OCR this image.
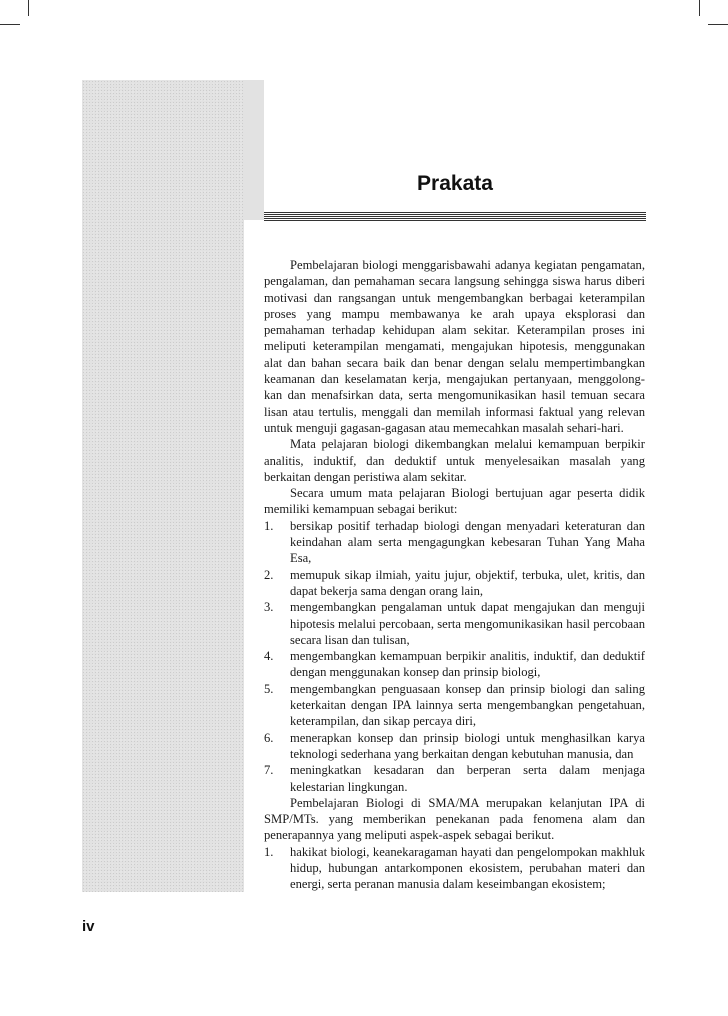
Prakata

Pembelajaran biologi menggarisbawahi adanya kegiatan pengamatan, pengalaman, dan pemahaman secara langsung sehingga siswa harus diberi motivasi dan rangsangan untuk mengembangkan berbagai keterampilan proses yang mampu membawanya ke arah upaya eksplorasi dan pemahaman terhadap kehidupan alam sekitar. Keterampilan proses ini meliputi keterampilan mengamati, mengajukan hipotesis, menggunakan alat dan bahan secara baik dan benar dengan selalu mempertimbangkan keamanan dan keselamatan kerja, mengajukan pertanyaan, menggolong-kan dan menafsirkan data, serta mengomunikasikan hasil temuan secara lisan atau tertulis, menggali dan memilah informasi faktual yang relevan untuk menguji gagasan-gagasan atau memecahkan masalah sehari-hari.

Mata pelajaran biologi dikembangkan melalui kemampuan berpikir analitis, induktif, dan deduktif untuk menyelesaikan masalah yang berkaitan dengan peristiwa alam sekitar.

Secara umum mata pelajaran Biologi bertujuan agar peserta didik memiliki kemampuan sebagai berikut:

1. bersikap positif terhadap biologi dengan menyadari keteraturan dan keindahan alam serta mengagungkan kebesaran Tuhan Yang Maha Esa,
2. memupuk sikap ilmiah, yaitu jujur, objektif, terbuka, ulet, kritis, dan dapat bekerja sama dengan orang lain,
3. mengembangkan pengalaman untuk dapat mengajukan dan menguji hipotesis melalui percobaan, serta mengomunikasikan hasil percobaan secara lisan dan tulisan,
4. mengembangkan kemampuan berpikir analitis, induktif, dan deduktif dengan menggunakan konsep dan prinsip biologi,
5. mengembangkan penguasaan konsep dan prinsip biologi dan saling keterkaitan dengan IPA lainnya serta mengembangkan pengetahuan, keterampilan, dan sikap percaya diri,
6. menerapkan konsep dan prinsip biologi untuk menghasilkan karya teknologi sederhana yang berkaitan dengan kebutuhan manusia, dan
7. meningkatkan kesadaran dan berperan serta dalam menjaga kelestarian lingkungan.

Pembelajaran Biologi di SMA/MA merupakan kelanjutan IPA di SMP/MTs. yang memberikan penekanan pada fenomena alam dan penerapannya yang meliputi aspek-aspek sebagai berikut.

1. hakikat biologi, keanekaragaman hayati dan pengelompokan makhluk hidup, hubungan antarkomponen ekosistem, perubahan materi dan energi, serta peranan manusia dalam keseimbangan ekosistem;
iv
